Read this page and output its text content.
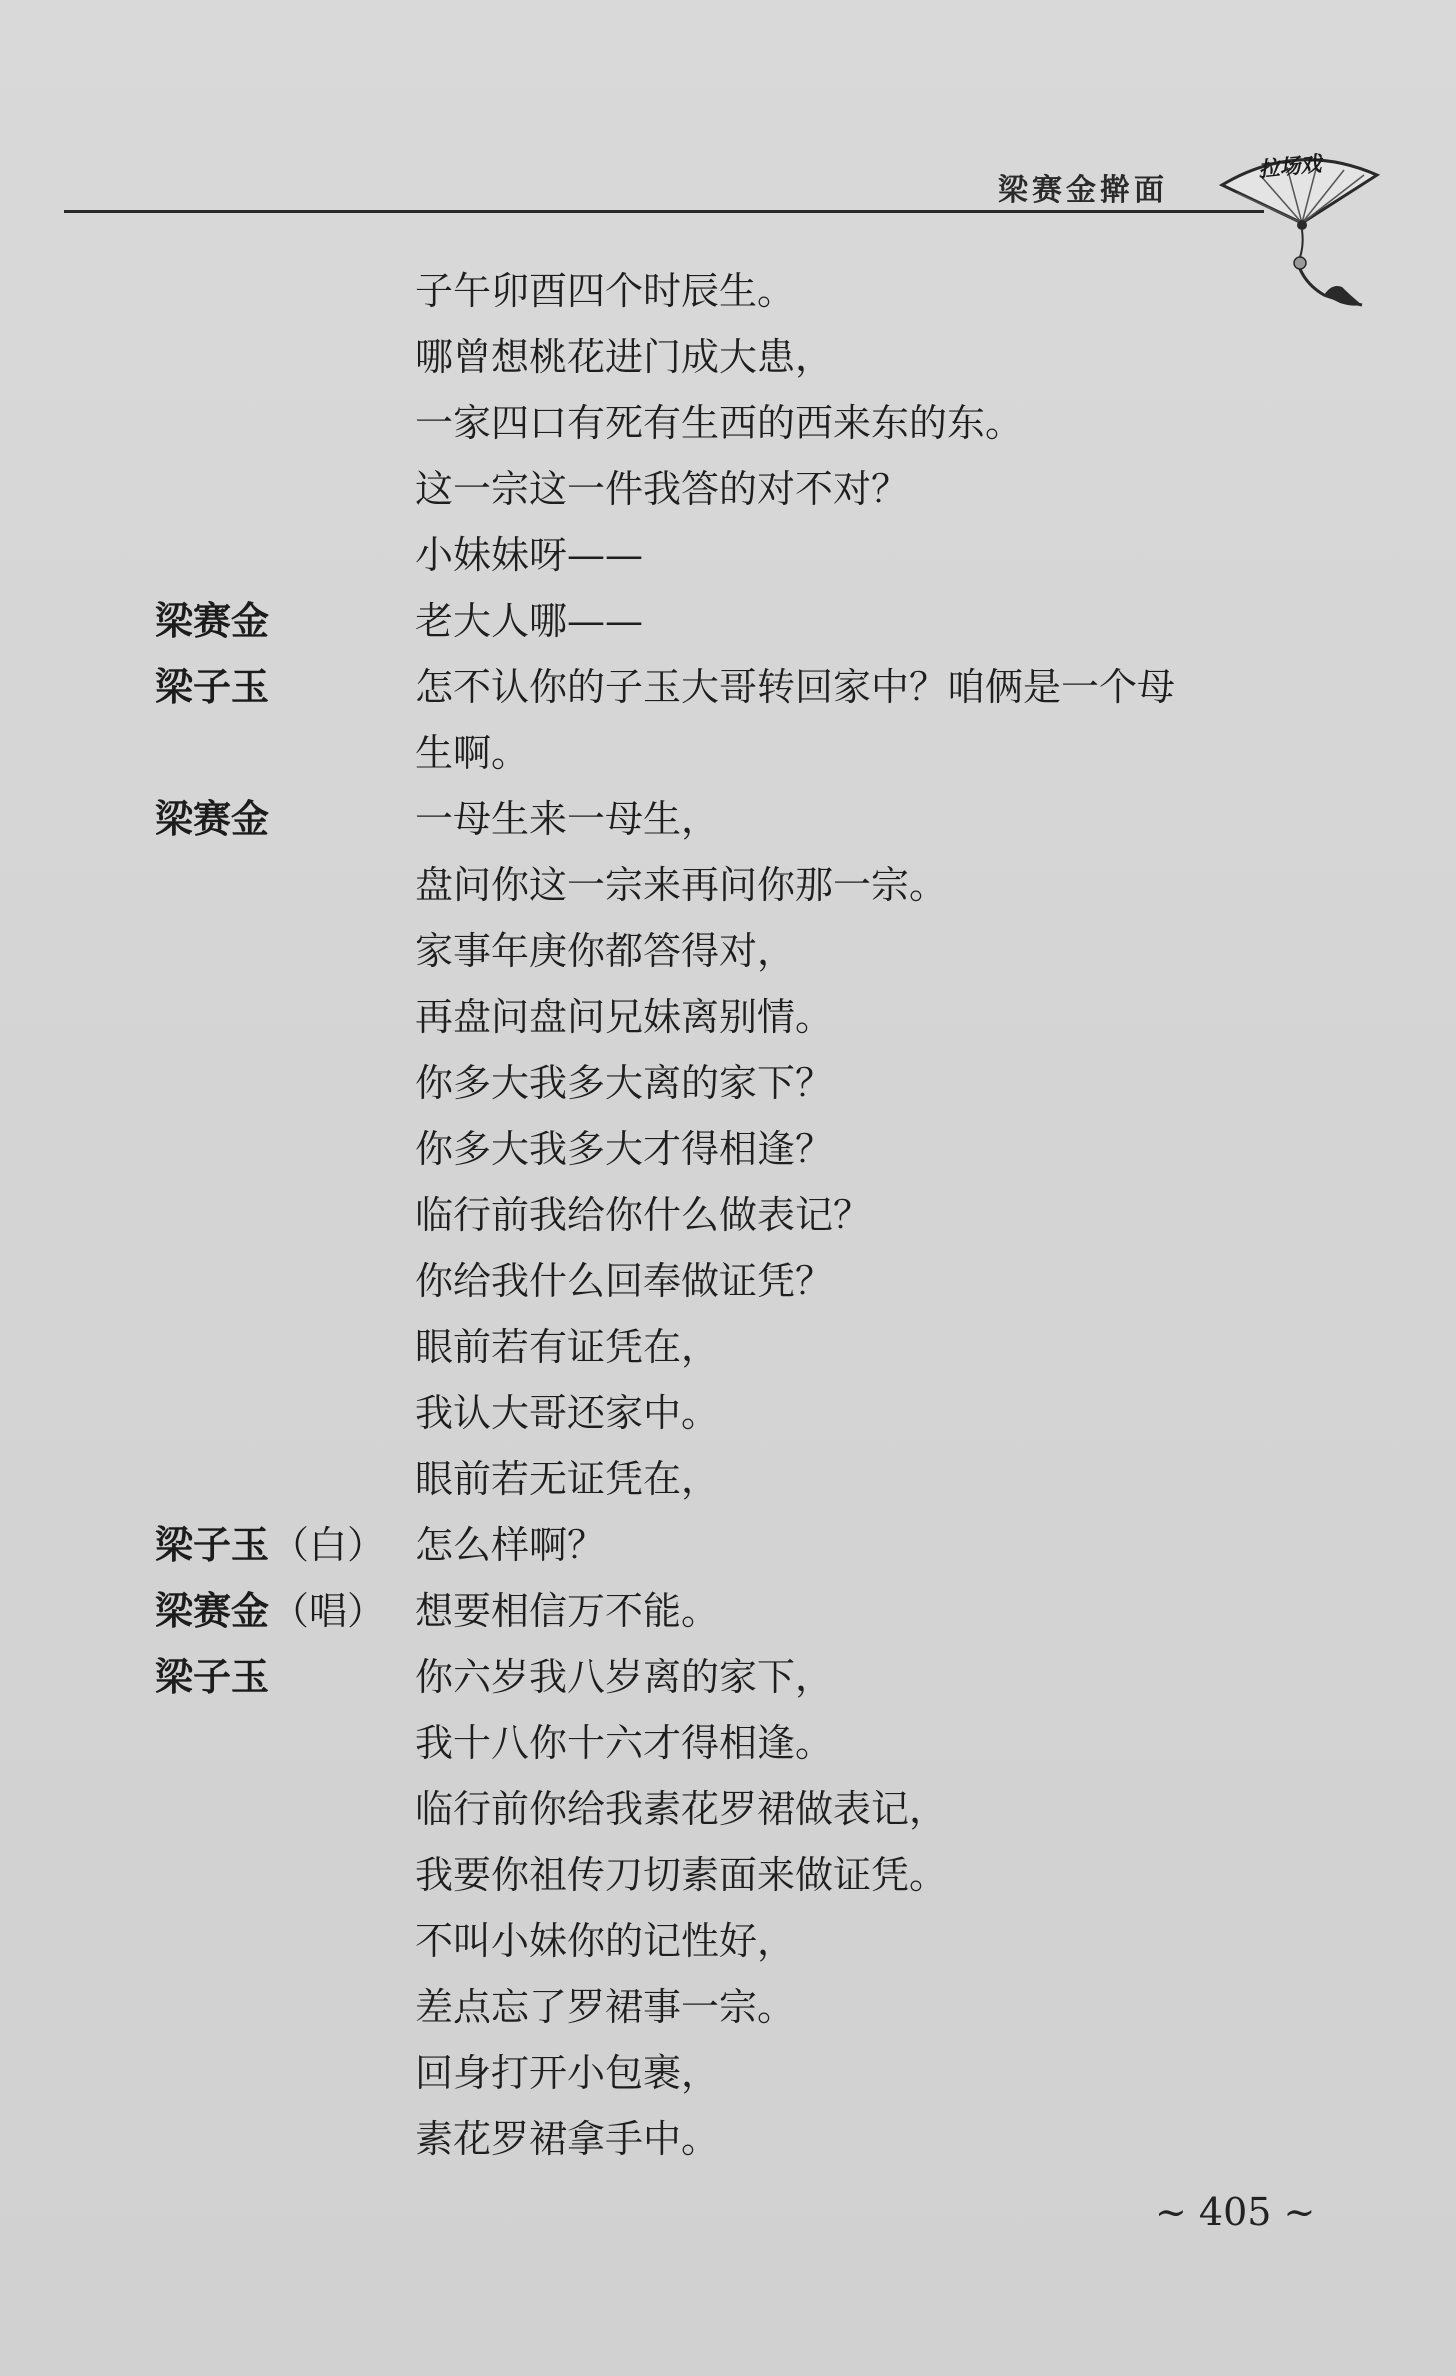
梁赛金擀面
拉场戏
子午卯酉四个时辰生。
哪曾想桃花进门成大患，
一家四口有死有生西的西来东的东。
这一宗这一件我答的对不对？
小妹妹呀——
梁赛金	老大人哪——
梁子玉	怎不认你的子玉大哥转回家中？咱俩是一个母
生啊。
梁赛金	一母生来一母生，
盘问你这一宗来再问你那一宗。
家事年庚你都答得对，
再盘问盘问兄妹离别情。
你多大我多大离的家下？
你多大我多大才得相逢？
临行前我给你什么做表记？
你给我什么回奉做证凭？
眼前若有证凭在，
我认大哥还家中。
眼前若无证凭在，
梁子玉（白） 怎么样啊？
梁赛金（唱） 想要相信万不能。
梁子玉	你六岁我八岁离的家下，
我十八你十六才得相逢。
临行前你给我素花罗裙做表记，
我要你祖传刀切素面来做证凭。
不叫小妹你的记性好，
差点忘了罗裙事一宗。
回身打开小包裹，
素花罗裙拿手中。
~ 405 ~
